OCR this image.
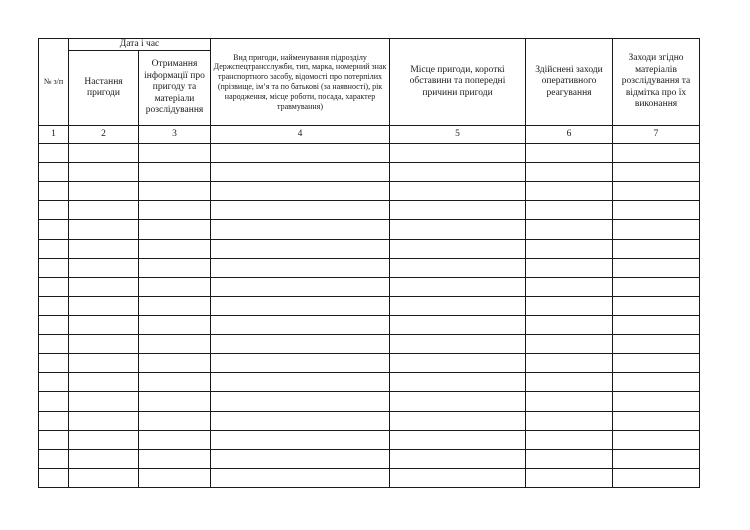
№ з/п	Дата і час		Вид пригоди, найменування підрозділу Держспецтрансслужби, тип, марка, номерний знак транспортного засобу, відомості про потерпілих (прізвище, ім’я та по батькові (за наявності), рік народження, місце роботи, посада, характер травмування)	Місце пригоди, короткі обставини та попередні причини пригоди	Здійснені заходи оперативного реагування	Заходи згідно матеріалів розслідування та відмітка про їх виконання
	Настання пригоди	Отримання інформації про пригоду та матеріали розслідування				
1	2	3	4	5	6	7
